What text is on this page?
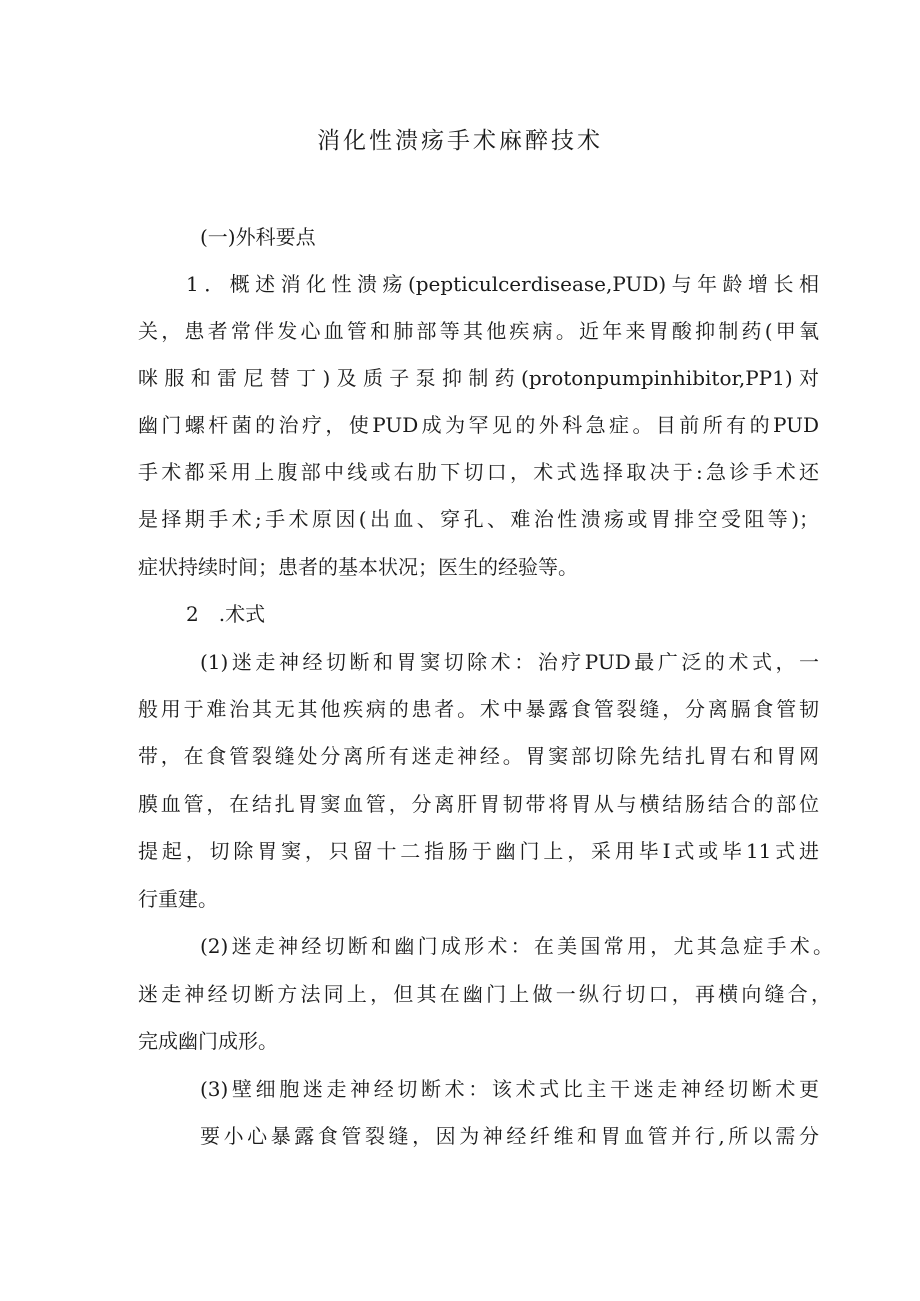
消化性溃疡手术麻醉技术
(一)外科要点
1．概述消化性溃疡(pepticulcerdisease,PUD)与年龄增长相
关，患者常伴发心血管和肺部等其他疾病。近年来胃酸抑制药(甲氧
咪服和雷尼替丁)及质子泵抑制药(protonpumpinhibitor,PP1)对
幽门螺杆菌的治疗，使PUD成为罕见的外科急症。目前所有的PUD
手术都采用上腹部中线或右肋下切口，术式选择取决于:急诊手术还
是择期手术;手术原因(出血、穿孔、难治性溃疡或胃排空受阻等)；
症状持续时间；患者的基本状况；医生的经验等。
2　.术式
(1)迷走神经切断和胃窦切除术：治疗PUD最广泛的术式，一
般用于难治其无其他疾病的患者。术中暴露食管裂缝，分离膈食管韧
带，在食管裂缝处分离所有迷走神经。胃窦部切除先结扎胃右和胃网
膜血管，在结扎胃窦血管，分离肝胃韧带将胃从与横结肠结合的部位
提起，切除胃窦，只留十二指肠于幽门上，采用毕I式或毕11式进
行重建。
(2)迷走神经切断和幽门成形术：在美国常用，尤其急症手术。
迷走神经切断方法同上，但其在幽门上做一纵行切口，再横向缝合，
完成幽门成形。
(3)壁细胞迷走神经切断术：该术式比主干迷走神经切断术更
要小心暴露食管裂缝，因为神经纤维和胃血管并行,所以需分
